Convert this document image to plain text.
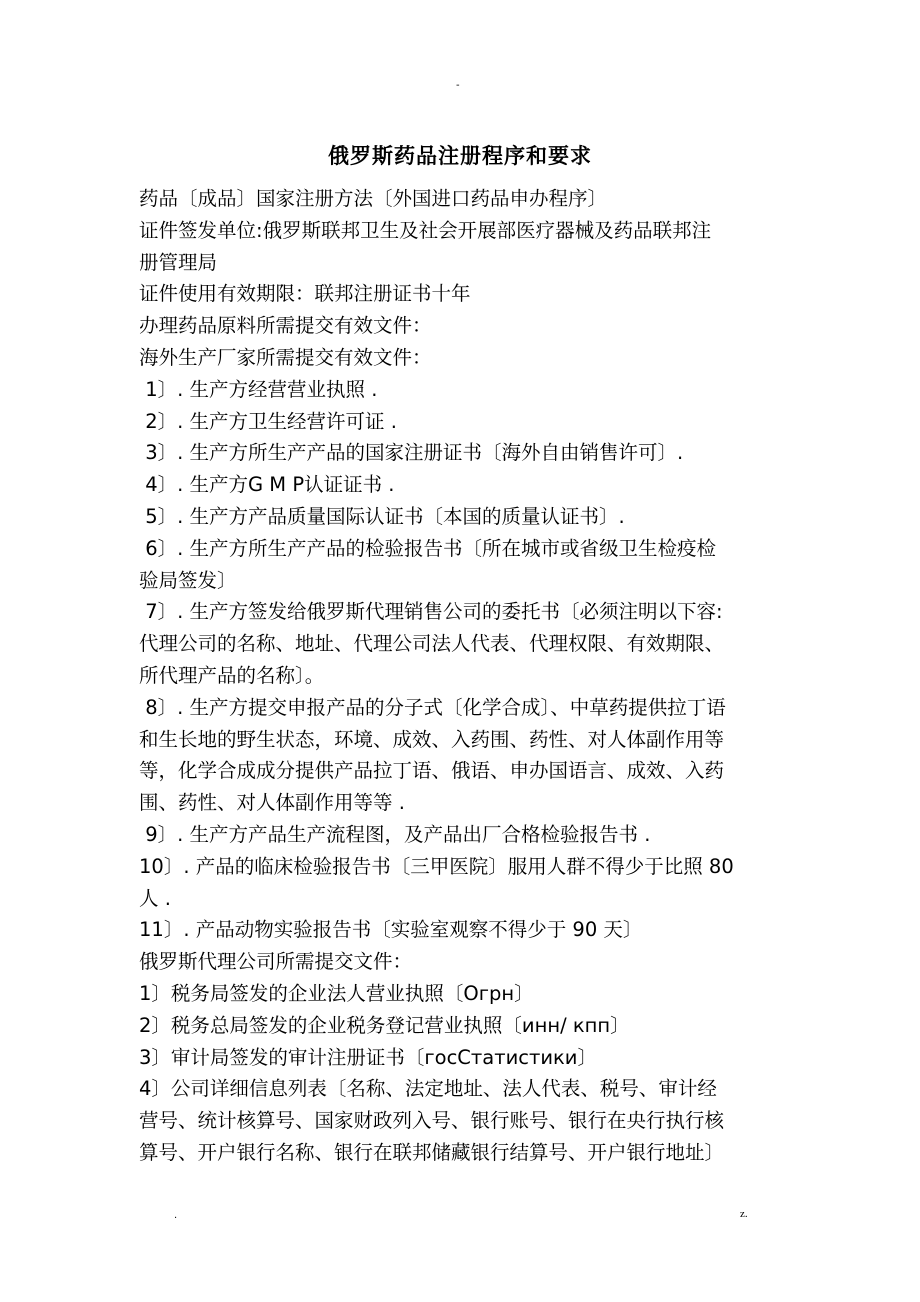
-
俄罗斯药品注册程序和要求
药品〔成品〕国家注册方法〔外国进口药品申办程序〕
证件签发单位:俄罗斯联邦卫生及社会开展部医疗器械及药品联邦注
册管理局
证件使用有效期限：联邦注册证书十年
办理药品原料所需提交有效文件：
海外生产厂家所需提交有效文件：
1〕. 生产方经营营业执照 .
2〕. 生产方卫生经营许可证 .
3〕. 生产方所生产产品的国家注册证书〔海外自由销售许可〕.
4〕. 生产方G M P认证证书 .
5〕. 生产方产品质量国际认证书〔本国的质量认证书〕.
6〕. 生产方所生产产品的检验报告书〔所在城市或省级卫生检疫检
验局签发〕
7〕. 生产方签发给俄罗斯代理销售公司的委托书〔必须注明以下容:
代理公司的名称、地址、代理公司法人代表、代理权限、有效期限、
所代理产品的名称〕。
8〕. 生产方提交申报产品的分子式〔化学合成〕、中草药提供拉丁语
和生长地的野生状态，环境、成效、入药围、药性、对人体副作用等
等，化学合成成分提供产品拉丁语、俄语、申办国语言、成效、入药
围、药性、对人体副作用等等 .
9〕. 生产方产品生产流程图，及产品出厂合格检验报告书 .
10〕. 产品的临床检验报告书〔三甲医院〕服用人群不得少于比照 80
人 .
11〕. 产品动物实验报告书〔实验室观察不得少于 90 天〕
俄罗斯代理公司所需提交文件：
1〕税务局签发的企业法人营业执照〔Огрн〕
2〕税务总局签发的企业税务登记营业执照〔инн/ кпп〕
3〕审计局签发的审计注册证书〔госСтатистики〕
4〕公司详细信息列表〔名称、法定地址、法人代表、税号、审计经
营号、统计核算号、国家财政列入号、银行账号、银行在央行执行核
算号、开户银行名称、银行在联邦储藏银行结算号、开户银行地址〕
.	z.
